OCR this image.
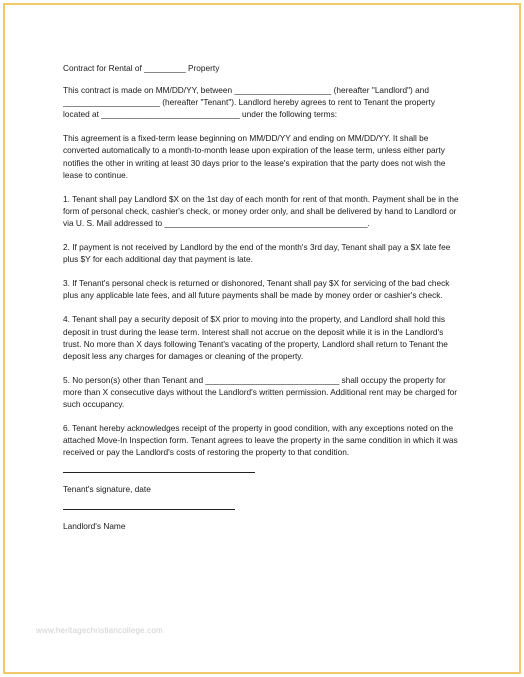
Contract for Rental of _________ Property

This contract is made on MM/DD/YY, between _____________________ (hereafter "Landlord") and _____________________ (hereafter "Tenant"). Landlord hereby agrees to rent to Tenant the property located at ______________________________ under the following terms:

This agreement is a fixed-term lease beginning on MM/DD/YY and ending on MM/DD/YY. It shall be converted automatically to a month-to-month lease upon expiration of the lease term, unless either party notifies the other in writing at least 30 days prior to the lease's expiration that the party does not wish the lease to continue.

1. Tenant shall pay Landlord $X on the 1st day of each month for rent of that month. Payment shall be in the form of personal check, cashier's check, or money order only, and shall be delivered by hand to Landlord or via U. S. Mail addressed to ____________________________________________.

2. If payment is not received by Landlord by the end of the month's 3rd day, Tenant shall pay a $X late fee plus $Y for each additional day that payment is late.

3. If Tenant's personal check is returned or dishonored, Tenant shall pay $X for servicing of the bad check plus any applicable late fees, and all future payments shall be made by money order or cashier's check.

4. Tenant shall pay a security deposit of $X prior to moving into the property, and Landlord shall hold this deposit in trust during the lease term. Interest shall not accrue on the deposit while it is in the Landlord's trust. No more than X days following Tenant's vacating of the property, Landlord shall return to Tenant the deposit less any charges for damages or cleaning of the property.

5. No person(s) other than Tenant and _____________________________ shall occupy the property for more than X consecutive days without the Landlord's written permission. Additional rent may be charged for such occupancy.

6. Tenant hereby acknowledges receipt of the property in good condition, with any exceptions noted on the attached Move-In Inspection form. Tenant agrees to leave the property in the same condition in which it was received or pay the Landlord's costs of restoring the property to that condition.

Tenant's signature, date

Landlord's Name

www.heritagechristiancollege.com
